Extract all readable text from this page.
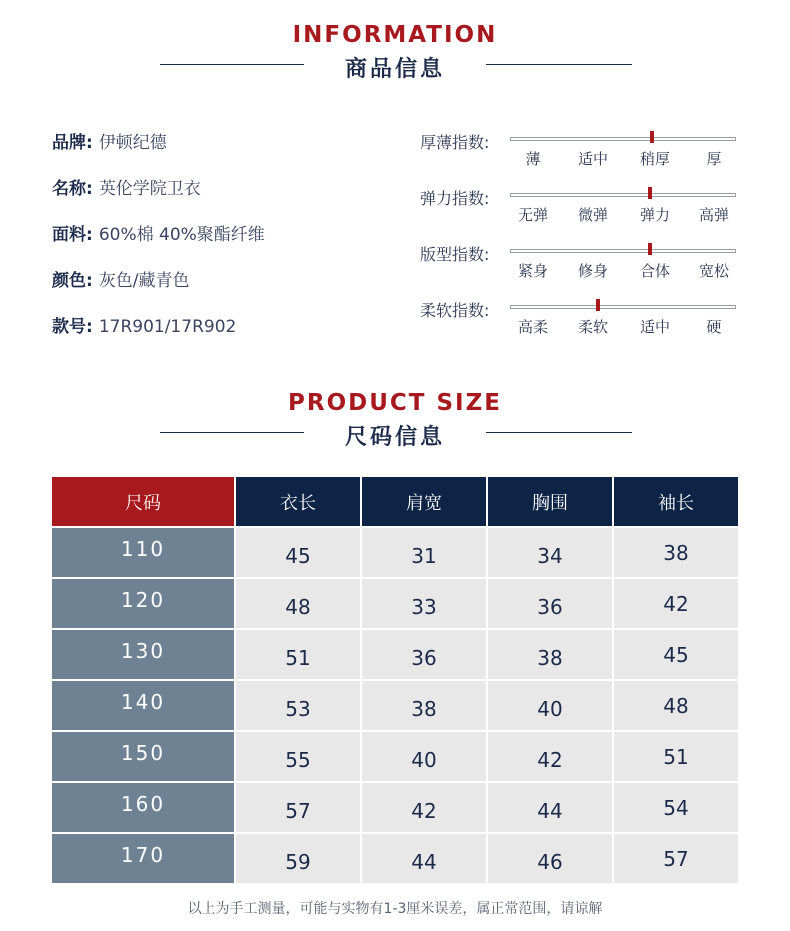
INFORMATION
商品信息
品牌: 伊顿纪德
名称: 英伦学院卫衣
面料: 60%棉 40%聚酯纤维
颜色: 灰色/藏青色
款号: 17R901/17R902
厚薄指数:
薄 适中 稍厚 厚
弹力指数:
无弹 微弹 弹力 高弹
版型指数:
紧身 修身 合体 宽松
柔软指数:
高柔 柔软 适中 硬
PRODUCT SIZE
尺码信息
尺码	衣长	肩宽	胸围	袖长
110	45	31	34	38
120	48	33	36	42
130	51	36	38	45
140	53	38	40	48
150	55	40	42	51
160	57	42	44	54
170	59	44	46	57
以上为手工测量，可能与实物有1-3厘米误差，属正常范围，请谅解
